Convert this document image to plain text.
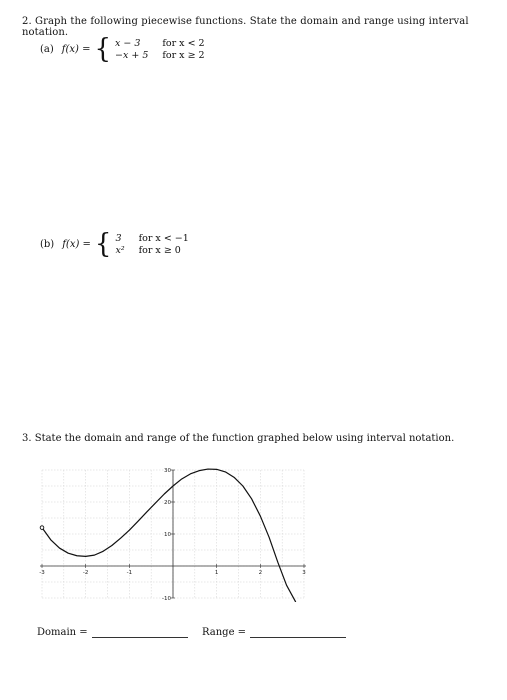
2. Graph the following piecewise functions. State the domain and range using interval notation.
(a) f(x) = { x − 3	for x < 2
−x + 5 for x ≥ 2
(b) f(x) = { 3	for x < −1
x² for x ≥ 0
3. State the domain and range of the function graphed below using interval notation.
-3	-2	-1	1	2	3
-10
10
20
30
Domain =	Range =
